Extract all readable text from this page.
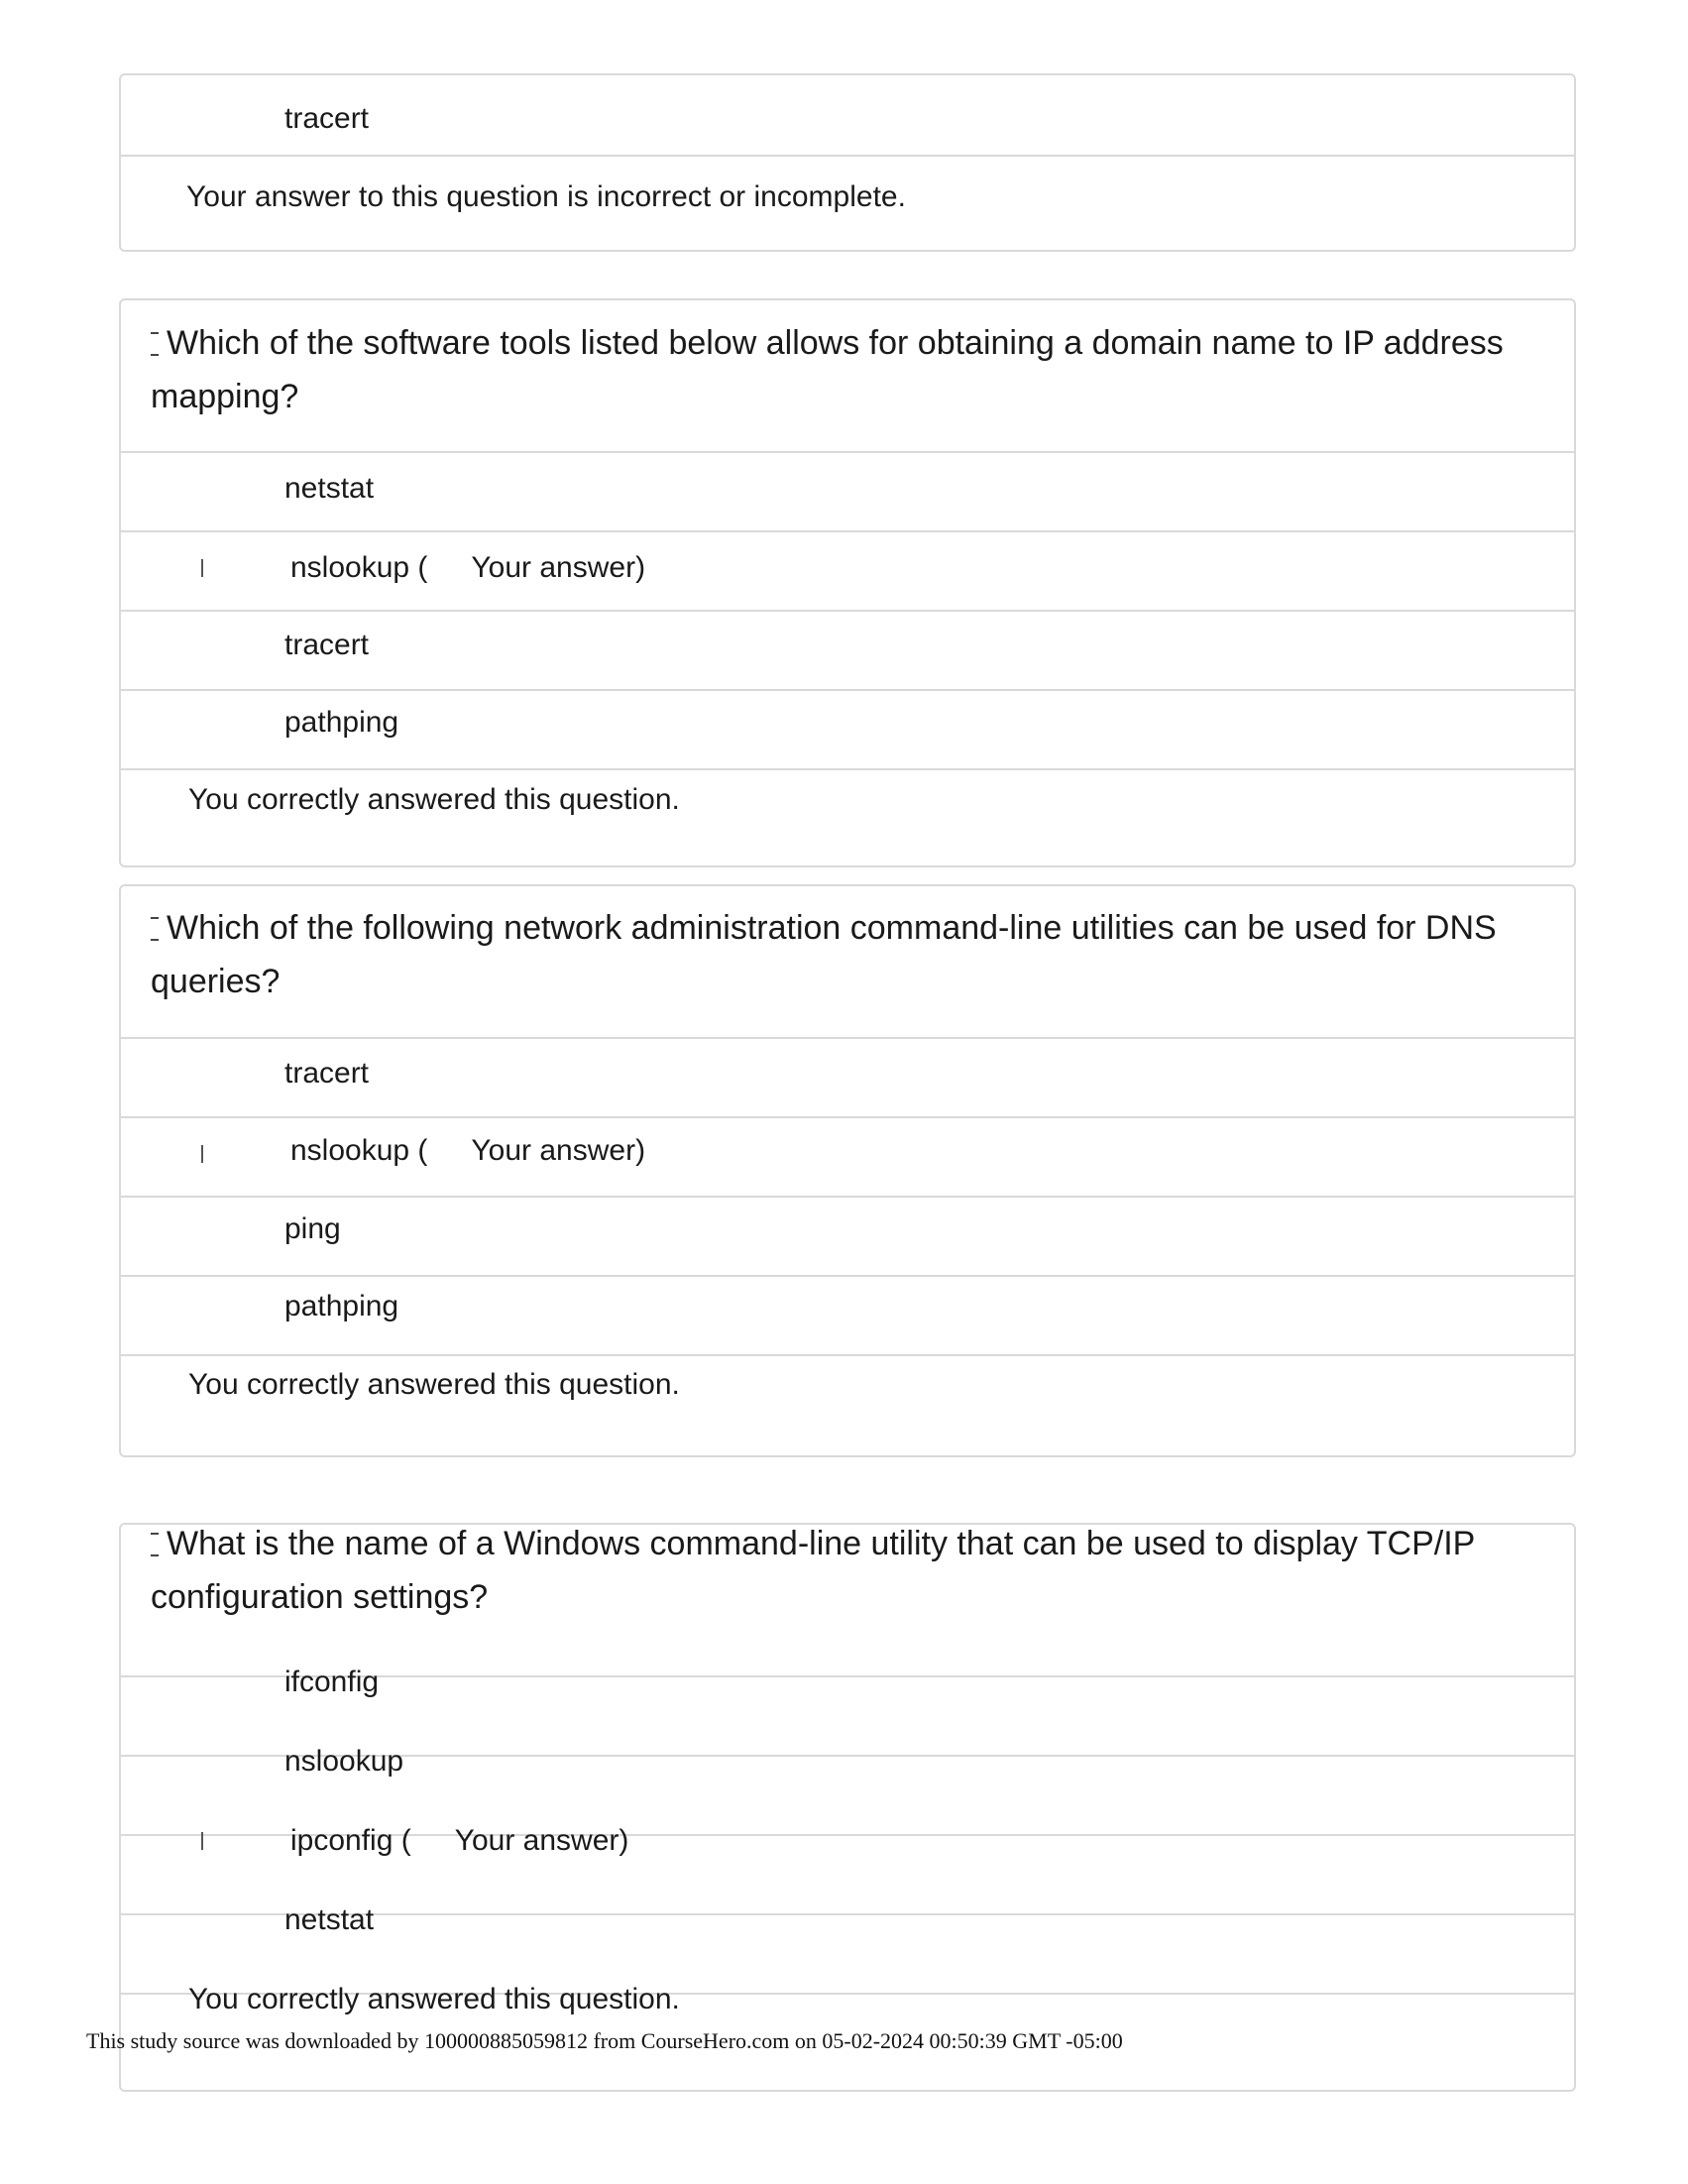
tracert
Your answer to this question is incorrect or incomplete.
Which of the software tools listed below allows for obtaining a domain name to IP address mapping?
netstat
nslookup ( Your answer)
tracert
pathping
You correctly answered this question.
Which of the following network administration command-line utilities can be used for DNS queries?
tracert
nslookup ( Your answer)
ping
pathping
You correctly answered this question.
What is the name of a Windows command-line utility that can be used to display TCP/IP configuration settings?
ifconfig
nslookup
ipconfig ( Your answer)
netstat
You correctly answered this question.
This study source was downloaded by 100000885059812 from CourseHero.com on 05-02-2024 00:50:39 GMT -05:00
